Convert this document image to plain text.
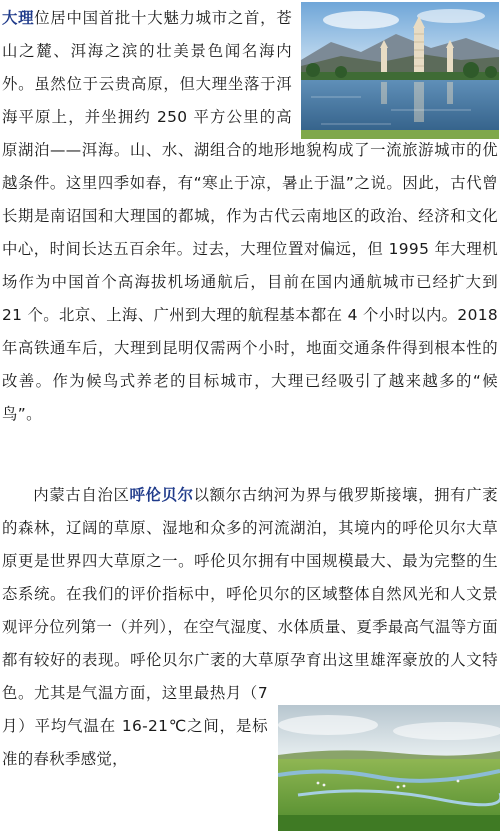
大理位居中国首批十大魅力城市之首，苍山之麓、洱海之滨的壮美景色闻名海内外。虽然位于云贵高原，但大理坐落于洱海平原上，并坐拥约 250 平方公里的高原湖泊——洱海。山、水、湖组合的地形地貌构成了一流旅游城市的优越条件。这里四季如春，有“寒止于凉，暑止于温”之说。因此，古代曾长期是南诏国和大理国的都城，作为古代云南地区的政治、经济和文化中心，时间长达五百余年。过去，大理位置对偏远，但 1995 年大理机场作为中国首个高海拔机场通航后，目前在国内通航城市已经扩大到 21 个。北京、上海、广州到大理的航程基本都在 4 个小时以内。2018 年高铁通车后，大理到昆明仅需两个小时，地面交通条件得到根本性的改善。作为候鸟式养老的目标城市，大理已经吸引了越来越多的“候鸟”。

内蒙古自治区呼伦贝尔以额尔古纳河为界与俄罗斯接壤，拥有广袤的森林，辽阔的草原、湿地和众多的河流湖泊，其境内的呼伦贝尔大草原更是世界四大草原之一。呼伦贝尔拥有中国规模最大、最为完整的生态系统。在我们的评价指标中，呼伦贝尔的区域整体自然风光和人文景观评分位列第一（并列），在空气湿度、水体质量、夏季最高气温等方面都有较好的表现。呼伦贝尔广袤的大草原孕育出这里雄浑豪放的人文特色。尤其是气温方面，这里最热月（7 月）平均气温在 16-21℃之间，是标准的春秋季感觉，
